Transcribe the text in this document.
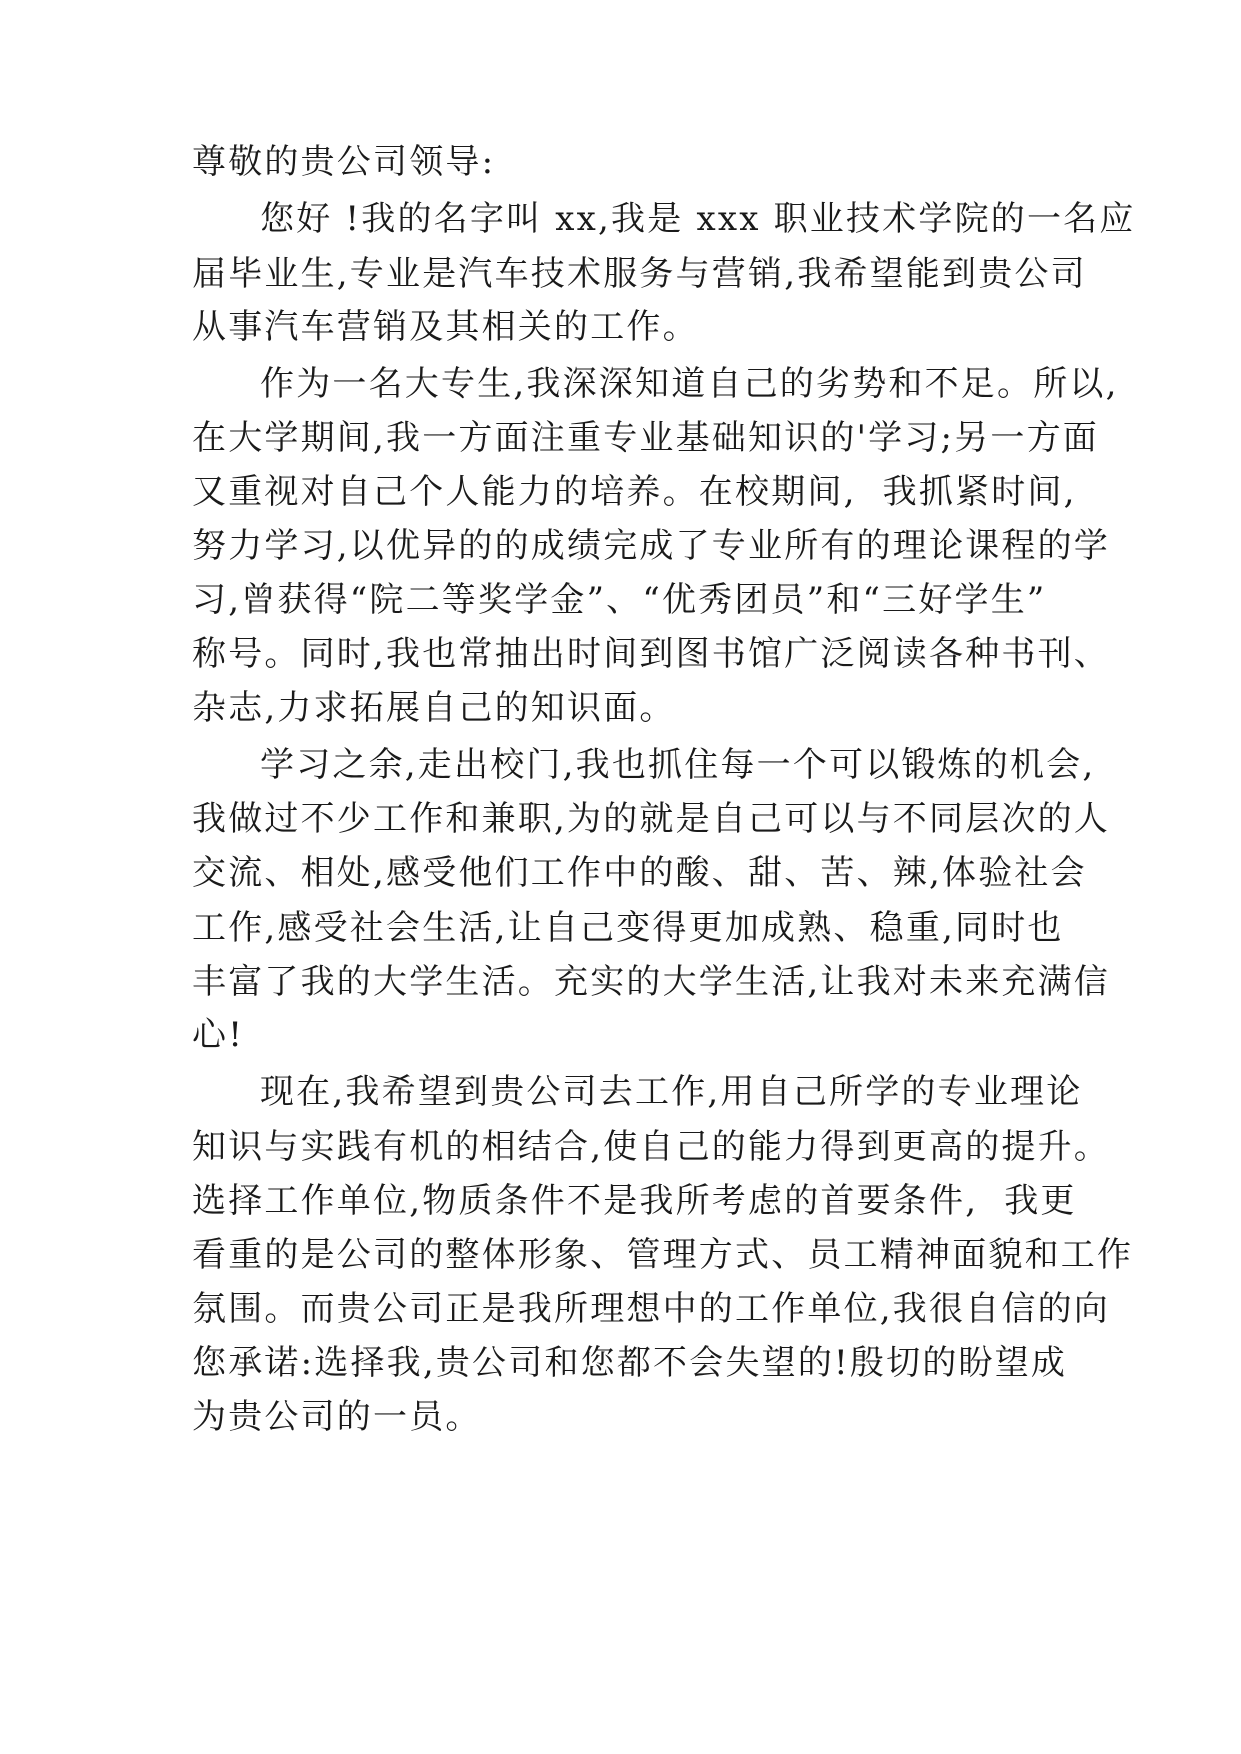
尊敬的贵公司领导:
您好 !我的名字叫 xx,我是 xxx 职业技术学院的一名应
届毕业生,专业是汽车技术服务与营销,我希望能到贵公司
从事汽车营销及其相关的工作。
作为一名大专生,我深深知道自己的劣势和不足。所以,
在大学期间,我一方面注重专业基础知识的'学习;另一方面
又重视对自己个人能力的培养。在校期间,  我抓紧时间,
努力学习,以优异的的成绩完成了专业所有的理论课程的学
习,曾获得“院二等奖学金”、“优秀团员”和“三好学生”
称号。同时,我也常抽出时间到图书馆广泛阅读各种书刊、
杂志,力求拓展自己的知识面。
学习之余,走出校门,我也抓住每一个可以锻炼的机会,
我做过不少工作和兼职,为的就是自己可以与不同层次的人
交流、相处,感受他们工作中的酸、甜、苦、辣,体验社会
工作,感受社会生活,让自己变得更加成熟、稳重,同时也
丰富了我的大学生活。充实的大学生活,让我对未来充满信
心!
现在,我希望到贵公司去工作,用自己所学的专业理论
知识与实践有机的相结合,使自己的能力得到更高的提升。
选择工作单位,物质条件不是我所考虑的首要条件,  我更
看重的是公司的整体形象、管理方式、员工精神面貌和工作
氛围。而贵公司正是我所理想中的工作单位,我很自信的向
您承诺:选择我,贵公司和您都不会失望的!殷切的盼望成
为贵公司的一员。
